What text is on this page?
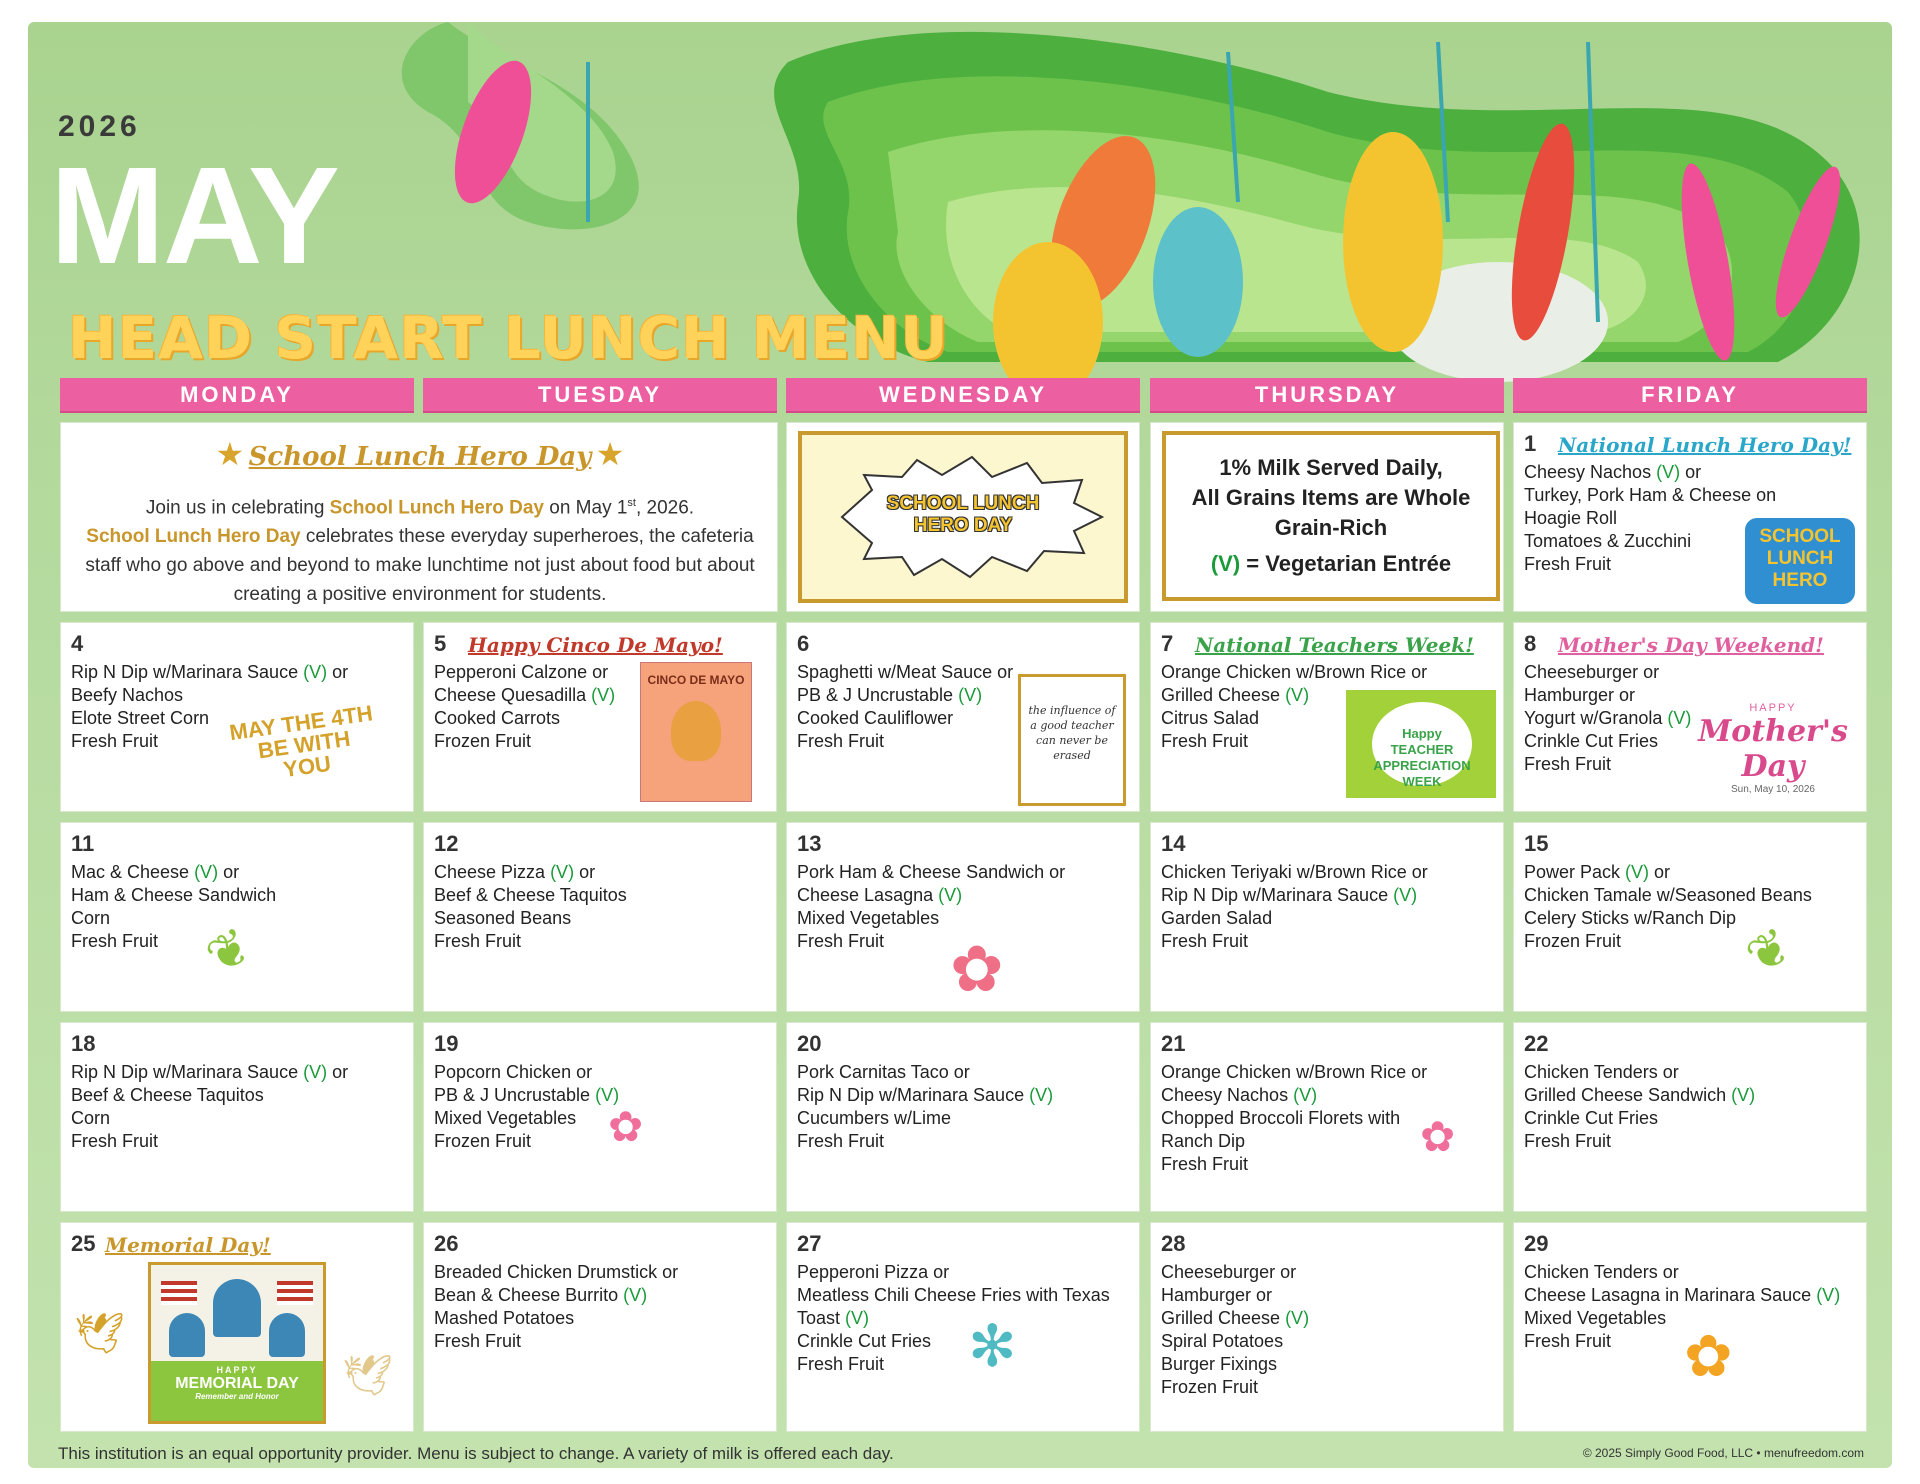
2026
MAY
HEAD START LUNCH MENU
MONDAY	TUESDAY	WEDNESDAY	THURSDAY	FRIDAY
★ School Lunch Hero Day ★
Join us in celebrating School Lunch Hero Day on May 1st, 2026.
School Lunch Hero Day celebrates these everyday superheroes, the cafeteria staff who go above and beyond to make lunchtime not just about food but about creating a positive environment for students.
SCHOOL LUNCH
HERO DAY
1% Milk Served Daily,
All Grains Items are Whole
Grain-Rich
(V) = Vegetarian Entrée
1 National Lunch Hero Day!
Cheesy Nachos (V) or
Turkey, Pork Ham & Cheese on
Hoagie Roll
Tomatoes & Zucchini
Fresh Fruit
4
Rip N Dip w/Marinara Sauce (V) or
Beefy Nachos
Elote Street Corn
Fresh Fruit
5 Happy Cinco De Mayo!
Pepperoni Calzone or
Cheese Quesadilla (V)
Cooked Carrots
Frozen Fruit
6
Spaghetti w/Meat Sauce or
PB & J Uncrustable (V)
Cooked Cauliflower
Fresh Fruit
7 National Teachers Week!
Orange Chicken w/Brown Rice or
Grilled Cheese (V)
Citrus Salad
Fresh Fruit
8 Mother's Day Weekend!
Cheeseburger or
Hamburger or
Yogurt w/Granola (V)
Crinkle Cut Fries
Fresh Fruit
11
Mac & Cheese (V) or
Ham & Cheese Sandwich
Corn
Fresh Fruit
12
Cheese Pizza (V) or
Beef & Cheese Taquitos
Seasoned Beans
Fresh Fruit
13
Pork Ham & Cheese Sandwich or
Cheese Lasagna (V)
Mixed Vegetables
Fresh Fruit
14
Chicken Teriyaki w/Brown Rice or
Rip N Dip w/Marinara Sauce (V)
Garden Salad
Fresh Fruit
15
Power Pack (V) or
Chicken Tamale w/Seasoned Beans
Celery Sticks w/Ranch Dip
Frozen Fruit
18
Rip N Dip w/Marinara Sauce (V) or
Beef & Cheese Taquitos
Corn
Fresh Fruit
19
Popcorn Chicken or
PB & J Uncrustable (V)
Mixed Vegetables
Frozen Fruit
20
Pork Carnitas Taco or
Rip N Dip w/Marinara Sauce (V)
Cucumbers w/Lime
Fresh Fruit
21
Orange Chicken w/Brown Rice or
Cheesy Nachos (V)
Chopped Broccoli Florets with
Ranch Dip
Fresh Fruit
22
Chicken Tenders or
Grilled Cheese Sandwich (V)
Crinkle Cut Fries
Fresh Fruit
25 Memorial Day!	26
Breaded Chicken Drumstick or
Bean & Cheese Burrito (V)
Mashed Potatoes
Fresh Fruit
27
Pepperoni Pizza or
Meatless Chili Cheese Fries with Texas
Toast (V)
Crinkle Cut Fries
Fresh Fruit
28
Cheeseburger or
Hamburger or
Grilled Cheese (V)
Spiral Potatoes
Burger Fixings
Frozen Fruit
29
Chicken Tenders or
Cheese Lasagna in Marinara Sauce (V)
Mixed Vegetables
Fresh Fruit
MAY THE 4TH BE WITH YOU
CINCO DE MAYO
the influence of a good teacher can never be erased
Happy TEACHER APPRECIATION WEEK
HAPPY
Mother's Day
Sun, May 10, 2026
SCHOOL LUNCH HERO
HAPPY
MEMORIAL DAY
Remember and Honor
🕊
🕊
❦	❦
✿
✿	✿
✻	✿
This institution is an equal opportunity provider. Menu is subject to change. A variety of milk is offered each day.	© 2025 Simply Good Food, LLC • menufreedom.com
